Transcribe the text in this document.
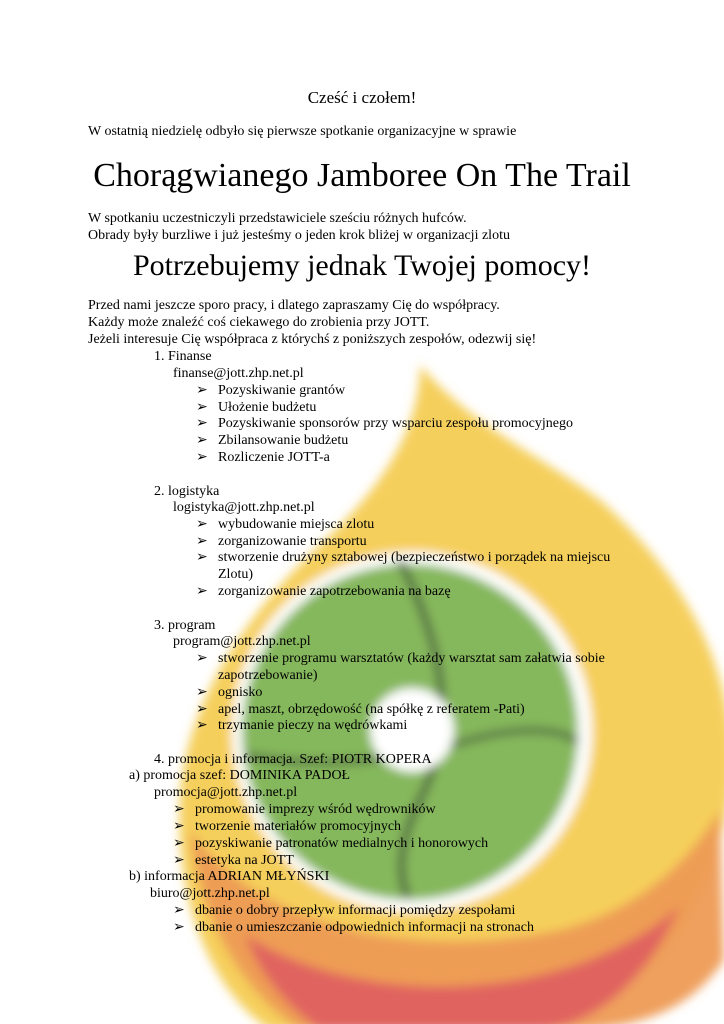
Cześć i czołem!
W ostatnią niedzielę odbyło się pierwsze spotkanie organizacyjne w sprawie
Chorągwianego Jamboree On The Trail
W spotkaniu uczestniczyli przedstawiciele sześciu różnych hufców.
Obrady były burzliwe i już jesteśmy o jeden krok bliżej w organizacji zlotu
Potrzebujemy jednak Twojej pomocy!
Przed nami jeszcze sporo pracy, i dlatego zapraszamy Cię do współpracy.
Każdy może znaleźć coś ciekawego do zrobienia przy JOTT.
Jeżeli interesuje Cię współpraca z którychś z poniższych zespołów, odezwij się!
1. Finanse
finanse@jott.zhp.net.pl
➢ Pozyskiwanie grantów
➢ Ułożenie budżetu
➢ Pozyskiwanie sponsorów przy wsparciu zespołu promocyjnego
➢ Zbilansowanie budżetu
➢ Rozliczenie JOTT-a
2. logistyka
logistyka@jott.zhp.net.pl
➢ wybudowanie miejsca zlotu
➢ zorganizowanie transportu
➢ stworzenie drużyny sztabowej (bezpieczeństwo i porządek na miejscu
Zlotu)
➢ zorganizowanie zapotrzebowania na bazę
3. program
program@jott.zhp.net.pl
➢ stworzenie programu warsztatów (każdy warsztat sam załatwia sobie
zapotrzebowanie)
➢ ognisko
➢ apel, maszt, obrzędowość (na spółkę z referatem -Pati)
➢ trzymanie pieczy na wędrówkami
4. promocja i informacja. Szef: PIOTR KOPERA
a) promocja szef: DOMINIKA PADOŁ
promocja@jott.zhp.net.pl
➢ promowanie imprezy wśród wędrowników
➢ tworzenie materiałów promocyjnych
➢ pozyskiwanie patronatów medialnych i honorowych
➢ estetyka na JOTT
b) informacja ADRIAN MŁYŃSKI
biuro@jott.zhp.net.pl
➢ dbanie o dobry przepływ informacji pomiędzy zespołami
➢ dbanie o umieszczanie odpowiednich informacji na stronach
